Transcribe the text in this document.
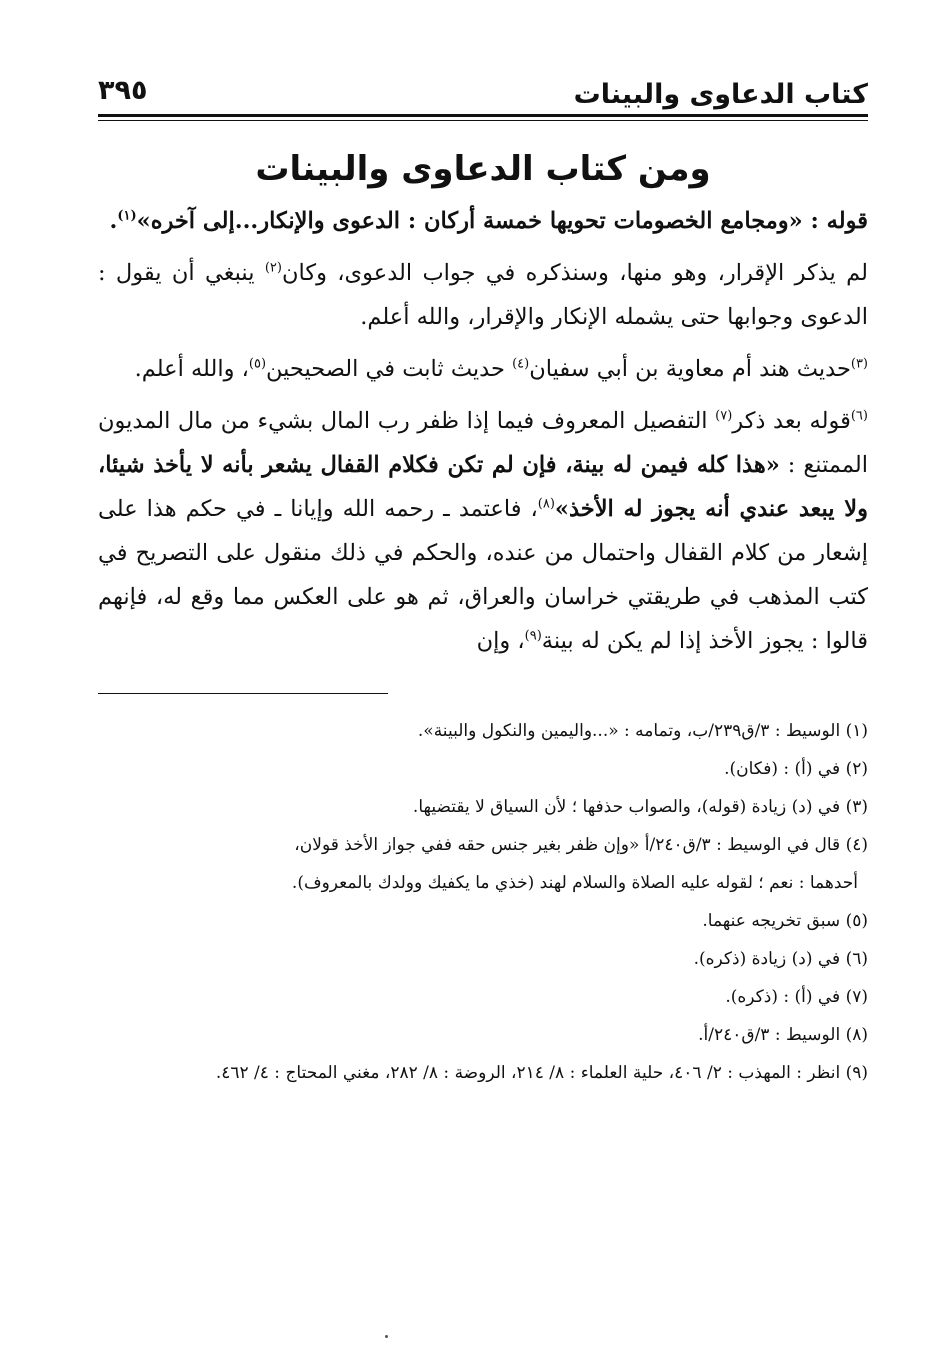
كتاب الدعاوى والبينات
٣٩٥
ومن كتاب الدعاوى والبينات

قوله : «ومجامع الخصومات تحويها خمسة أركان : الدعوى والإنكار...إلى آخره»$^{(١)}$.

لم يذكر الإقرار، وهو منها، وسنذكره في جواب الدعوى، وكان$^{(٢)}$ ينبغي أن يقول : الدعوى وجوابها حتى يشمله الإنكار والإقرار، والله أعلم.

$^{(٣)}$حديث هند أم معاوية بن أبي سفيان$^{(٤)}$ حديث ثابت في الصحيحين$^{(٥)}$، والله أعلم.

$^{(٦)}$قوله بعد ذكر$^{(٧)}$ التفصيل المعروف فيما إذا ظفر رب المال بشيء من مال المديون الممتنع : «هذا كله فيمن له بينة، فإن لم تكن فكلام القفال يشعر بأنه لا يأخذ شيئا، ولا يبعد عندي أنه يجوز له الأخذ»$^{(٨)}$، فاعتمد ـ رحمه الله وإيانا ـ في حكم هذا على إشعار من كلام القفال واحتمال من عنده، والحكم في ذلك منقول على التصريح في كتب المذهب في طريقتي خراسان والعراق، ثم هو على العكس مما وقع له، فإنهم قالوا : يجوز الأخذ إذا لم يكن له بينة$^{(٩)}$، وإن

(١) الوسيط : ٣/ق٢٣٩/ب، وتمامه : «...واليمين والنكول والبينة».

(٢) في (أ) : (فكان).

(٣) في (د) زيادة (قوله)، والصواب حذفها ؛ لأن السياق لا يقتضيها.

(٤) قال في الوسيط : ٣/ق٢٤٠/أ «وإن ظفر بغير جنس حقه ففي جواز الأخذ قولان،

أحدهما : نعم ؛ لقوله عليه الصلاة والسلام لهند (خذي ما يكفيك وولدك بالمعروف).

(٥) سبق تخريجه عنهما.

(٦) في (د) زيادة (ذكره).

(٧) في (أ) : (ذكره).

(٨) الوسيط : ٣/ق٢٤٠/أ.

(٩) انظر : المهذب : ٢/ ٤٠٦، حلية العلماء : ٨/ ٢١٤، الروضة : ٨/ ٢٨٢، مغني المحتاج : ٤/ ٤٦٢.
